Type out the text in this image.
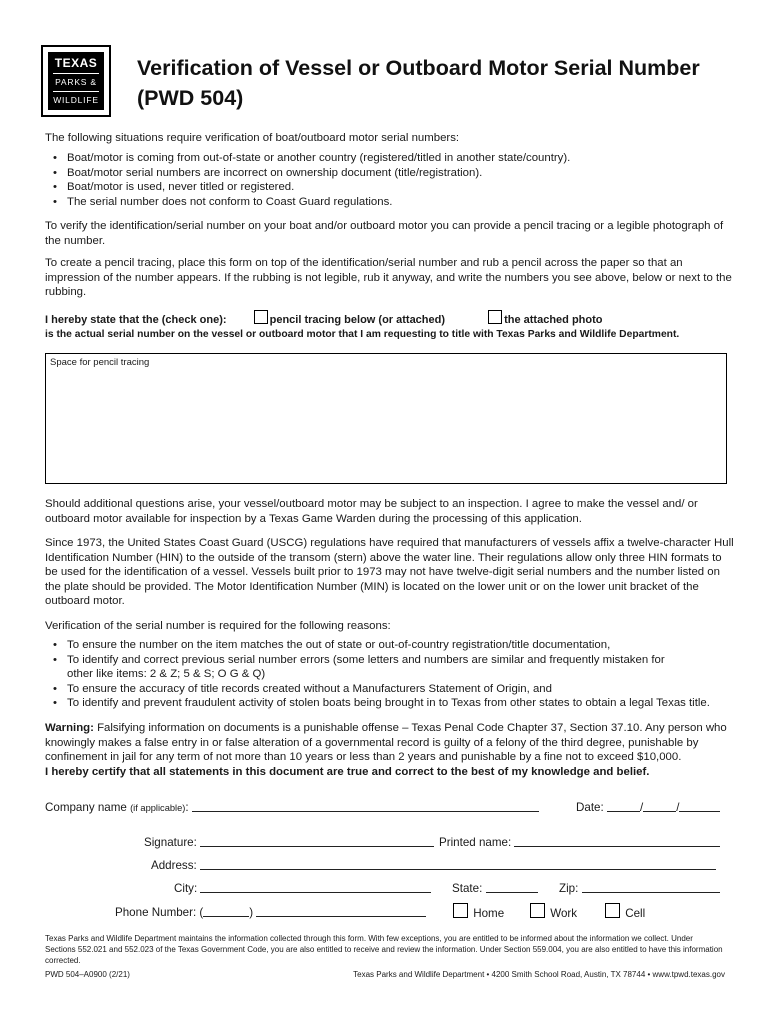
TEXAS
PARKS &
WILDLIFE
Verification of Vessel or Outboard Motor Serial Number
(PWD 504)
The following situations require verification of boat/outboard motor serial numbers:
• Boat/motor is coming from out-of-state or another country (registered/titled in another state/country).
• Boat/motor serial numbers are incorrect on ownership document (title/registration).
• Boat/motor is used, never titled or registered.
• The serial number does not conform to Coast Guard regulations.
To verify the identification/serial number on your boat and/or outboard motor you can provide a pencil tracing or a legible photograph of the number.
To create a pencil tracing, place this form on top of the identification/serial number and rub a pencil across the paper so that an impression of the number appears. If the rubbing is not legible, rub it anyway, and write the numbers you see above, below or next to the rubbing.
I hereby state that the (check one):	pencil tracing below (or attached)	the attached photo
is the actual serial number on the vessel or outboard motor that I am requesting to title with Texas Parks and Wildlife Department.
Space for pencil tracing
Should additional questions arise, your vessel/outboard motor may be subject to an inspection. I agree to make the vessel and/ or outboard motor available for inspection by a Texas Game Warden during the processing of this application.
Since 1973, the United States Coast Guard (USCG) regulations have required that manufacturers of vessels affix a twelve-character Hull Identification Number (HIN) to the outside of the transom (stern) above the water line. Their regulations allow only three HIN formats to be used for the identification of a vessel. Vessels built prior to 1973 may not have twelve-digit serial numbers and the number listed on the plate should be provided. The Motor Identification Number (MIN) is located on the lower unit or on the lower unit bracket of the outboard motor.
Verification of the serial number is required for the following reasons:
• To ensure the number on the item matches the out of state or out-of-country registration/title documentation,
• To identify and correct previous serial number errors (some letters and numbers are similar and frequently mistaken for
other like items: 2 & Z; 5 & S; O G & Q)
• To ensure the accuracy of title records created without a Manufacturers Statement of Origin, and
• To identify and prevent fraudulent activity of stolen boats being brought in to Texas from other states to obtain a legal Texas title.
Warning: Falsifying information on documents is a punishable offense – Texas Penal Code Chapter 37, Section 37.10. Any person who knowingly makes a false entry in or false alteration of a governmental record is guilty of a felony of the third degree, punishable by confinement in jail for any term of not more than 10 years or less than 2 years and punishable by a fine not to exceed $10,000.
I hereby certify that all statements in this document are true and correct to the best of my knowledge and belief.
Company name (if applicable):	Date:	/	/
Signature:	Printed name:
Address:
City:	State:	Zip:
Phone Number: (	)	Home	Work	Cell
Texas Parks and Wildlife Department maintains the information collected through this form. With few exceptions, you are entitled to be informed about the information we collect. Under Sections 552.021 and 552.023 of the Texas Government Code, you are also entitled to receive and review the information. Under Section 559.004, you are also entitled to have this information corrected.
PWD 504–A0900 (2/21)	Texas Parks and Wildlife Department • 4200 Smith School Road, Austin, TX 78744 • www.tpwd.texas.gov
